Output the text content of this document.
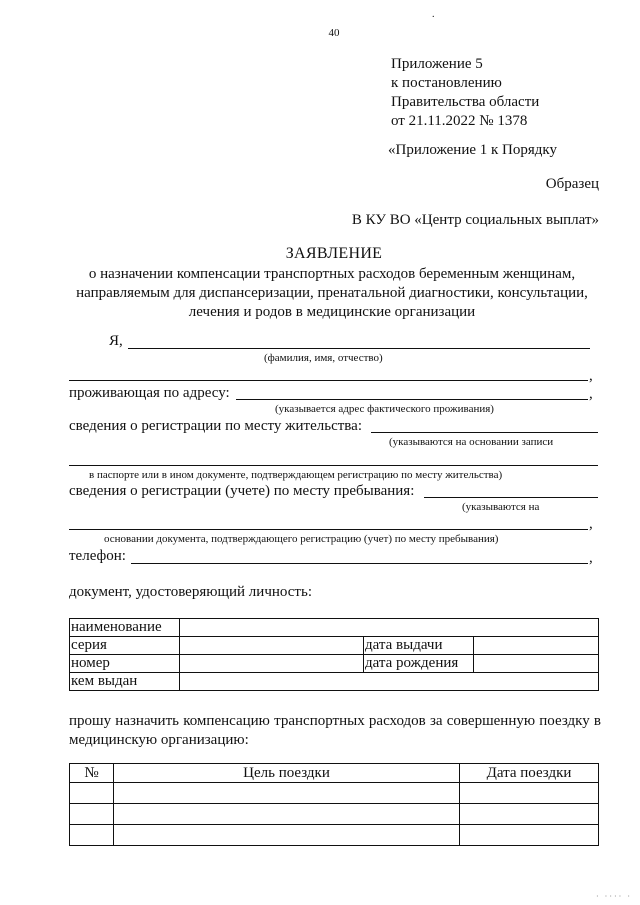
.
40
Приложение 5
к постановлению
Правительства области
от 21.11.2022 № 1378
«Приложение 1 к Порядку
Образец
В КУ ВО «Центр социальных выплат»
ЗАЯВЛЕНИЕ
о назначении компенсации транспортных расходов беременным женщинам, направляемым для диспансеризации, пренатальной диагностики, консультации, лечения и родов в медицинские организации
Я,
(фамилия, имя, отчество)
,
проживающая по адресу:	,
(указывается адрес фактического проживания)
сведения о регистрации по месту жительства:
(указываются на основании записи
в паспорте или в ином документе, подтверждающем регистрацию по месту жительства)
сведения о регистрации (учете) по месту пребывания:
(указываются на
,
основании документа, подтверждающего регистрацию (учет) по месту пребывания)
телефон:	,
документ, удостоверяющий личность:
наименование			
серия		дата выдачи	
номер		дата рождения	
кем выдан			
прошу назначить компенсацию транспортных расходов за совершенную поездку в медицинскую организацию:
№	Цель поездки	Дата поездки

· ···· ·
